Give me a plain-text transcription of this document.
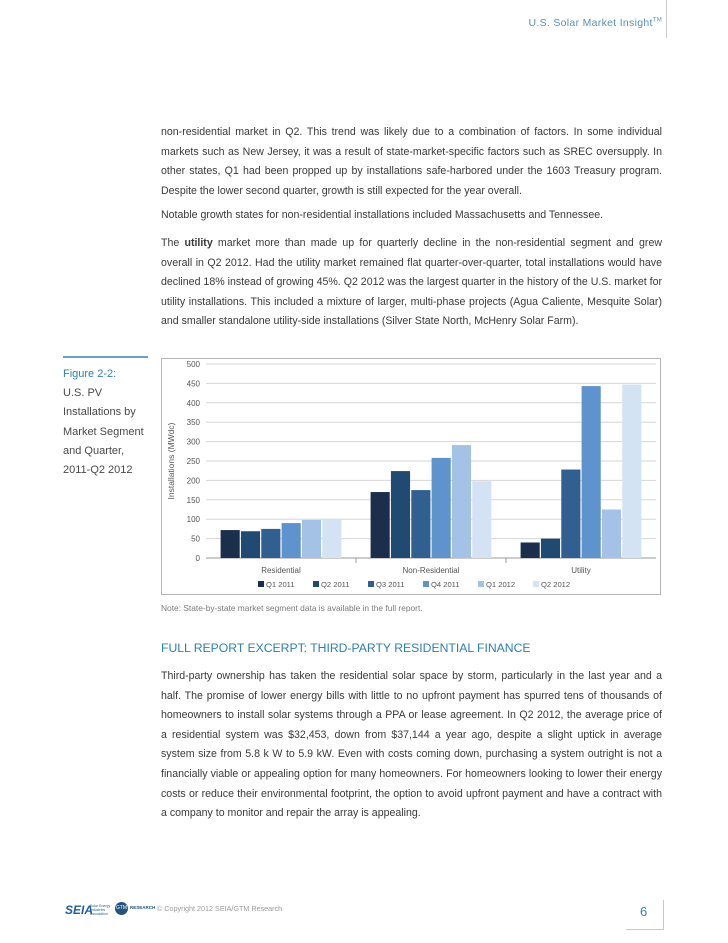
U.S. Solar Market Insight™

non-residential market in Q2. This trend was likely due to a combination of factors. In some individual markets such as New Jersey, it was a result of state-market-specific factors such as SREC oversupply. In other states, Q1 had been propped up by installations safe-harbored under the 1603 Treasury program. Despite the lower second quarter, growth is still expected for the year overall.

Notable growth states for non-residential installations included Massachusetts and Tennessee.

The utility market more than made up for quarterly decline in the non-residential segment and grew overall in Q2 2012. Had the utility market remained flat quarter-over-quarter, total installations would have declined 18% instead of growing 45%. Q2 2012 was the largest quarter in the history of the U.S. market for utility installations. This included a mixture of larger, multi-phase projects (Agua Caliente, Mesquite Solar) and smaller standalone utility-side installations (Silver State North, McHenry Solar Farm).

Figure 2-2:
U.S. PV Installations by Market Segment and Quarter, 2011-Q2 2012
0
50
100
150
200
250
300
350
400
450
500
Installations (MWdc)
Residential	Non-Residential	Utility
Q1 2011	Q2 2011	Q3 2011	Q4 2011	Q1 2012	Q2 2012
Note: State-by-state market segment data is available in the full report.
FULL REPORT EXCERPT: THIRD-PARTY RESIDENTIAL FINANCE

Third-party ownership has taken the residential solar space by storm, particularly in the last year and a half. The promise of lower energy bills with little to no upfront payment has spurred tens of thousands of homeowners to install solar systems through a PPA or lease agreement. In Q2 2012, the average price of a residential system was $32,453, down from $37,144 a year ago, despite a slight uptick in average system size from 5.8 k W to 5.9 kW. Even with costs coming down, purchasing a system outright is not a financially viable or appealing option for many homeowners. For homeowners looking to lower their energy costs or reduce their environmental footprint, the option to avoid upfront payment and have a contract with a company to monitor and repair the array is appealing.

SEIA
Solar Energy Industries Association
GTM RESEARCH © Copyright 2012 SEIA/GTM Research	6
